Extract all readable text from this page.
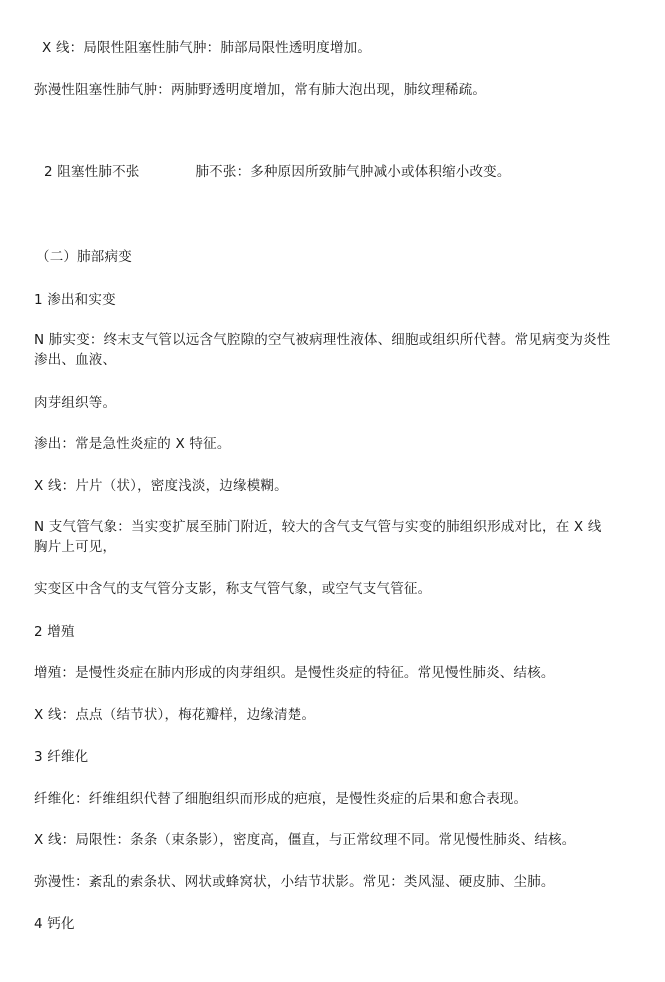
X 线：局限性阻塞性肺气肿：肺部局限性透明度增加。
弥漫性阻塞性肺气肿：两肺野透明度增加，常有肺大泡出现，肺纹理稀疏。
2 阻塞性肺不张	肺不张：多种原因所致肺气肿减小或体积缩小改变。
（二）肺部病变
1 渗出和实变
N 肺实变：终末支气管以远含气腔隙的空气被病理性液体、细胞或组织所代替。常见病变为炎性渗出、血液、
肉芽组织等。
渗出：常是急性炎症的 X 特征。
X 线：片片（状），密度浅淡，边缘模糊。
N 支气管气象：当实变扩展至肺门附近，较大的含气支气管与实变的肺组织形成对比，在 X 线胸片上可见，
实变区中含气的支气管分支影，称支气管气象，或空气支气管征。
2 增殖
增殖：是慢性炎症在肺内形成的肉芽组织。是慢性炎症的特征。常见慢性肺炎、结核。
X 线：点点（结节状），梅花瓣样，边缘清楚。
3 纤维化
纤维化：纤维组织代替了细胞组织而形成的疤痕，是慢性炎症的后果和愈合表现。
X 线：局限性：条条（束条影），密度高，僵直，与正常纹理不同。常见慢性肺炎、结核。
弥漫性：紊乱的索条状、网状或蜂窝状，小结节状影。常见：类风湿、硬皮肺、尘肺。
4 钙化
